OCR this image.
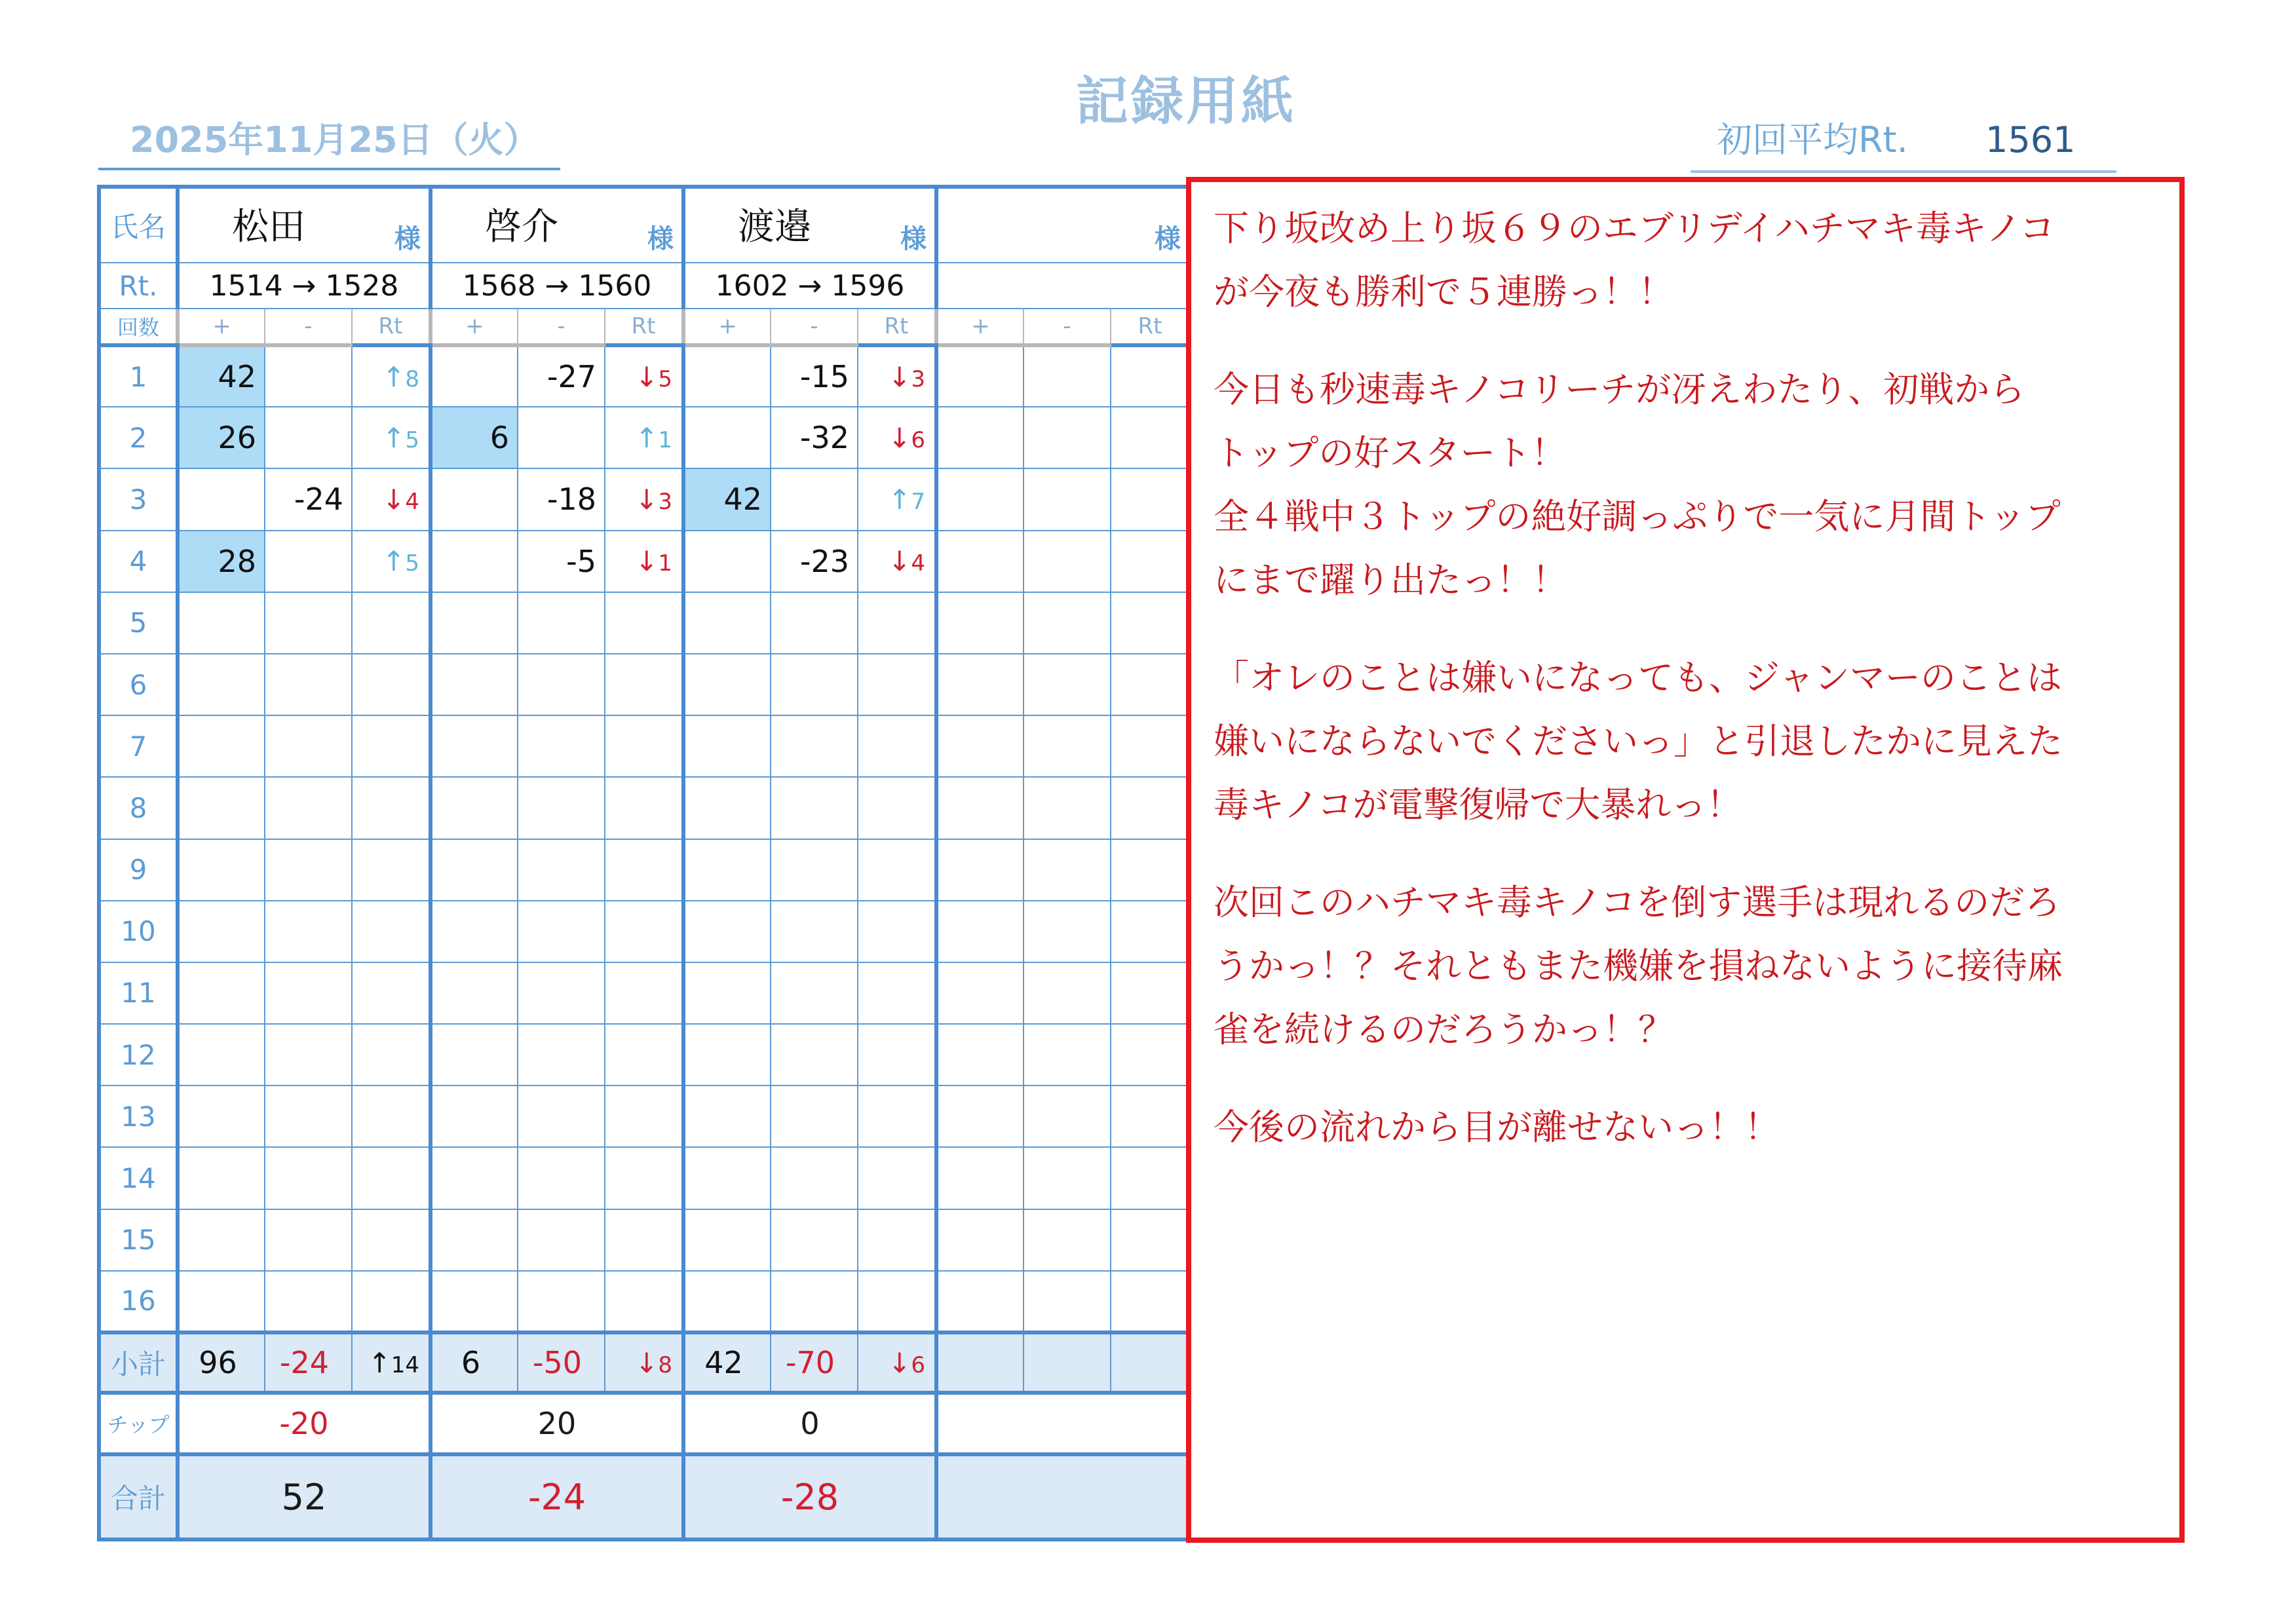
記録用紙
2025年11月25日（火）	初回平均Rt. 1561
氏名	松田 様			啓介 様			渡邉 様			様		

Rt.	1514 → 1528			1568 → 1560			1602 → 1596					
回数	+	-	Rt	+	-	Rt	+	-	Rt	+	-	Rt
1	42		↑8		-27	↓5		-15	↓3			
2	26		↑5	6		↑1		-32	↓6			
3		-24	↓4		-18	↓3	42		↑7			
4	28		↑5		-5	↓1		-23	↓4			
5												
6												
7												
8												
9												
10												
11												
12												
13												
14												
15												
16												
小計	96	-24	↑14	6	-50	↓8	42	-70	↓6			
チップ	-20			20			0					
合計	52			-24			-28					

下り坂改め上り坂６９のエブリデイハチマキ毒キノコ
が今夜も勝利で５連勝っ！！

今日も秒速毒キノコリーチが冴えわたり、初戦から
トップの好スタート！
全４戦中３トップの絶好調っぷりで一気に月間トップ
にまで躍り出たっ！！

「オレのことは嫌いになっても、ジャンマーのことは
嫌いにならないでくださいっ」と引退したかに見えた
毒キノコが電撃復帰で大暴れっ！

次回このハチマキ毒キノコを倒す選手は現れるのだろ
うかっ！？それともまた機嫌を損ねないように接待麻
雀を続けるのだろうかっ！？

今後の流れから目が離せないっ！！
